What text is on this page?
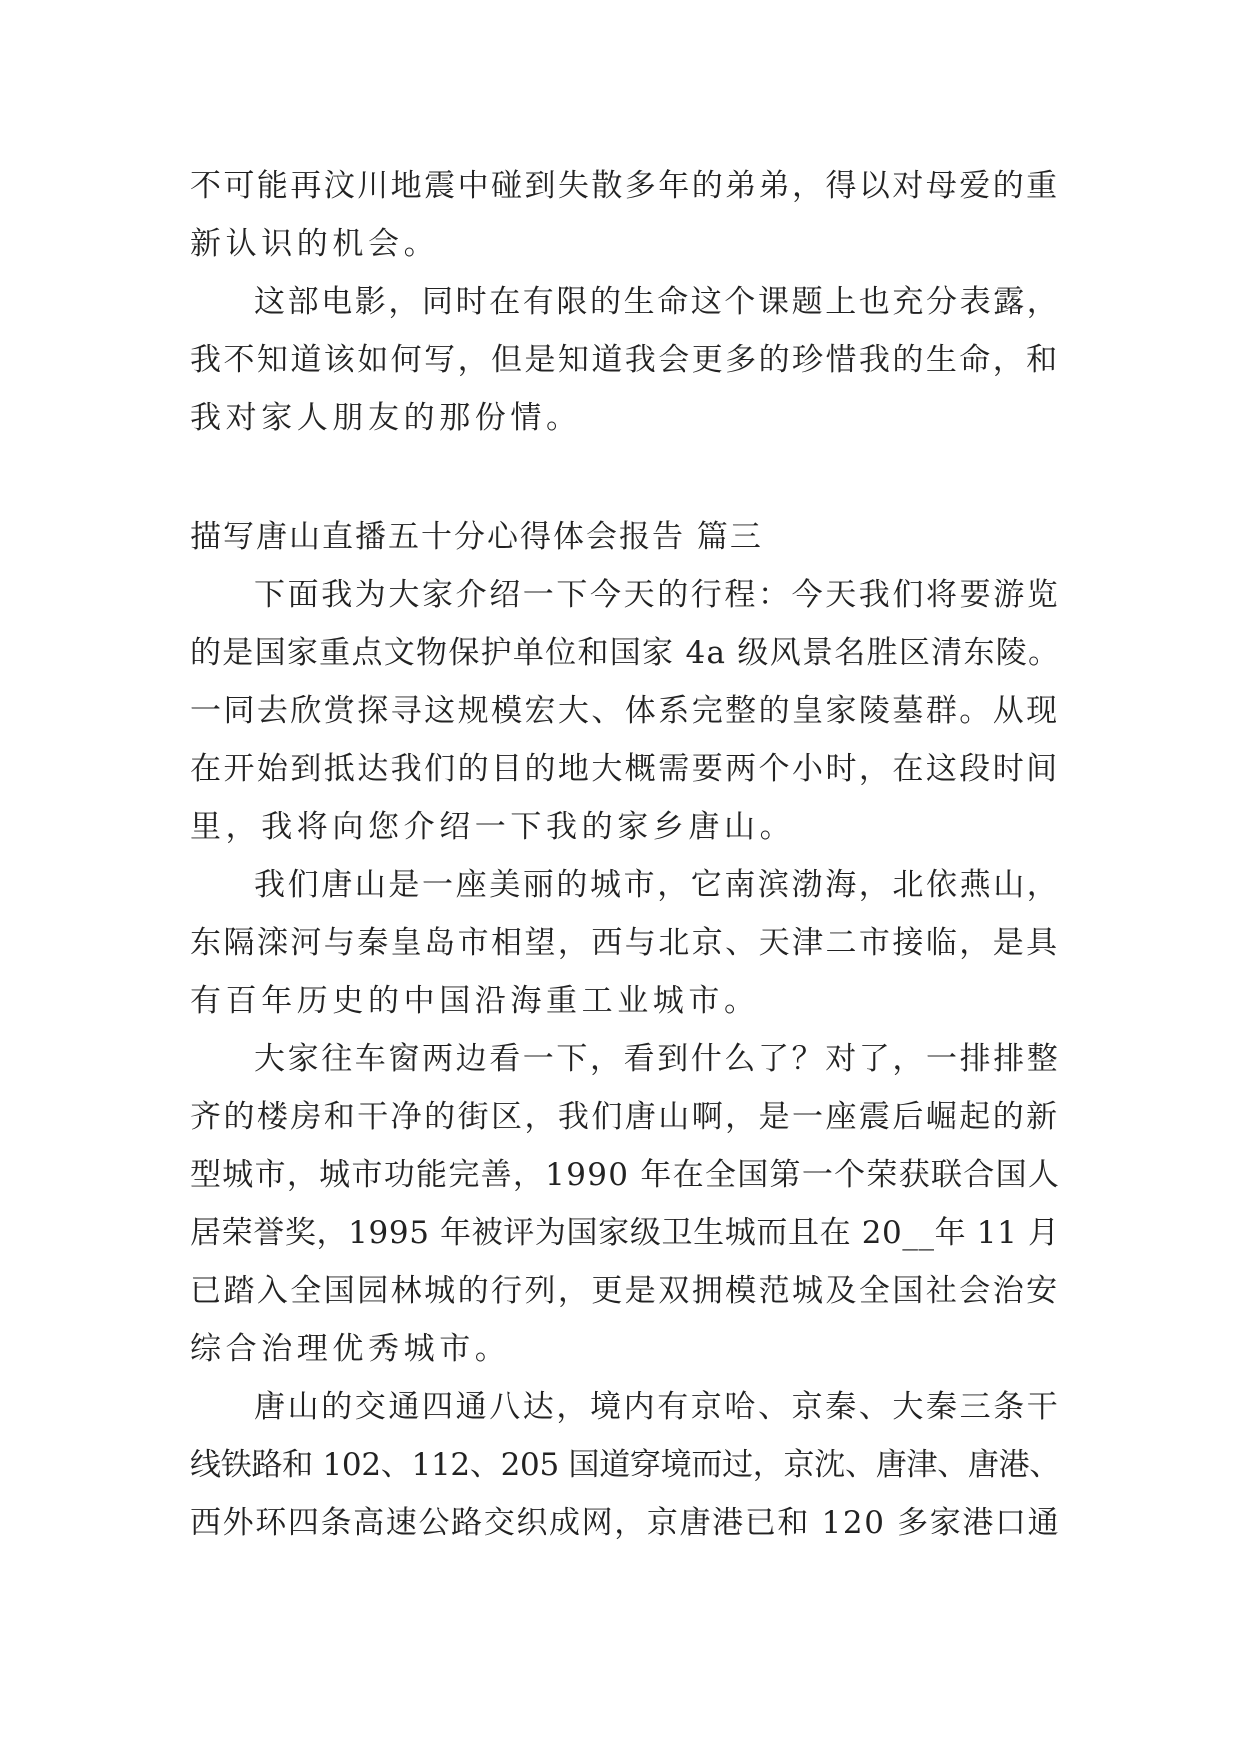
不可能再汶川地震中碰到失散多年的弟弟，得以对母爱的重
新认识的机会。
这部电影，同时在有限的生命这个课题上也充分表露，
我不知道该如何写，但是知道我会更多的珍惜我的生命，和
我对家人朋友的那份情。
描写唐山直播五十分心得体会报告 篇三
下面我为大家介绍一下今天的行程：今天我们将要游览
的是国家重点文物保护单位和国家 4a 级风景名胜区清东陵。
一同去欣赏探寻这规模宏大、体系完整的皇家陵墓群。从现
在开始到抵达我们的目的地大概需要两个小时，在这段时间
里，我将向您介绍一下我的家乡唐山。
我们唐山是一座美丽的城市，它南滨渤海，北依燕山，
东隔滦河与秦皇岛市相望，西与北京、天津二市接临，是具
有百年历史的中国沿海重工业城市。
大家往车窗两边看一下，看到什么了？对了，一排排整
齐的楼房和干净的街区，我们唐山啊，是一座震后崛起的新
型城市，城市功能完善，1990 年在全国第一个荣获联合国人
居荣誉奖，1995 年被评为国家级卫生城而且在 20__年 11 月
已踏入全国园林城的行列，更是双拥模范城及全国社会治安
综合治理优秀城市。
唐山的交通四通八达，境内有京哈、京秦、大秦三条干
线铁路和 102、112、205 国道穿境而过，京沈、唐津、唐港、
西外环四条高速公路交织成网，京唐港已和 120 多家港口通
